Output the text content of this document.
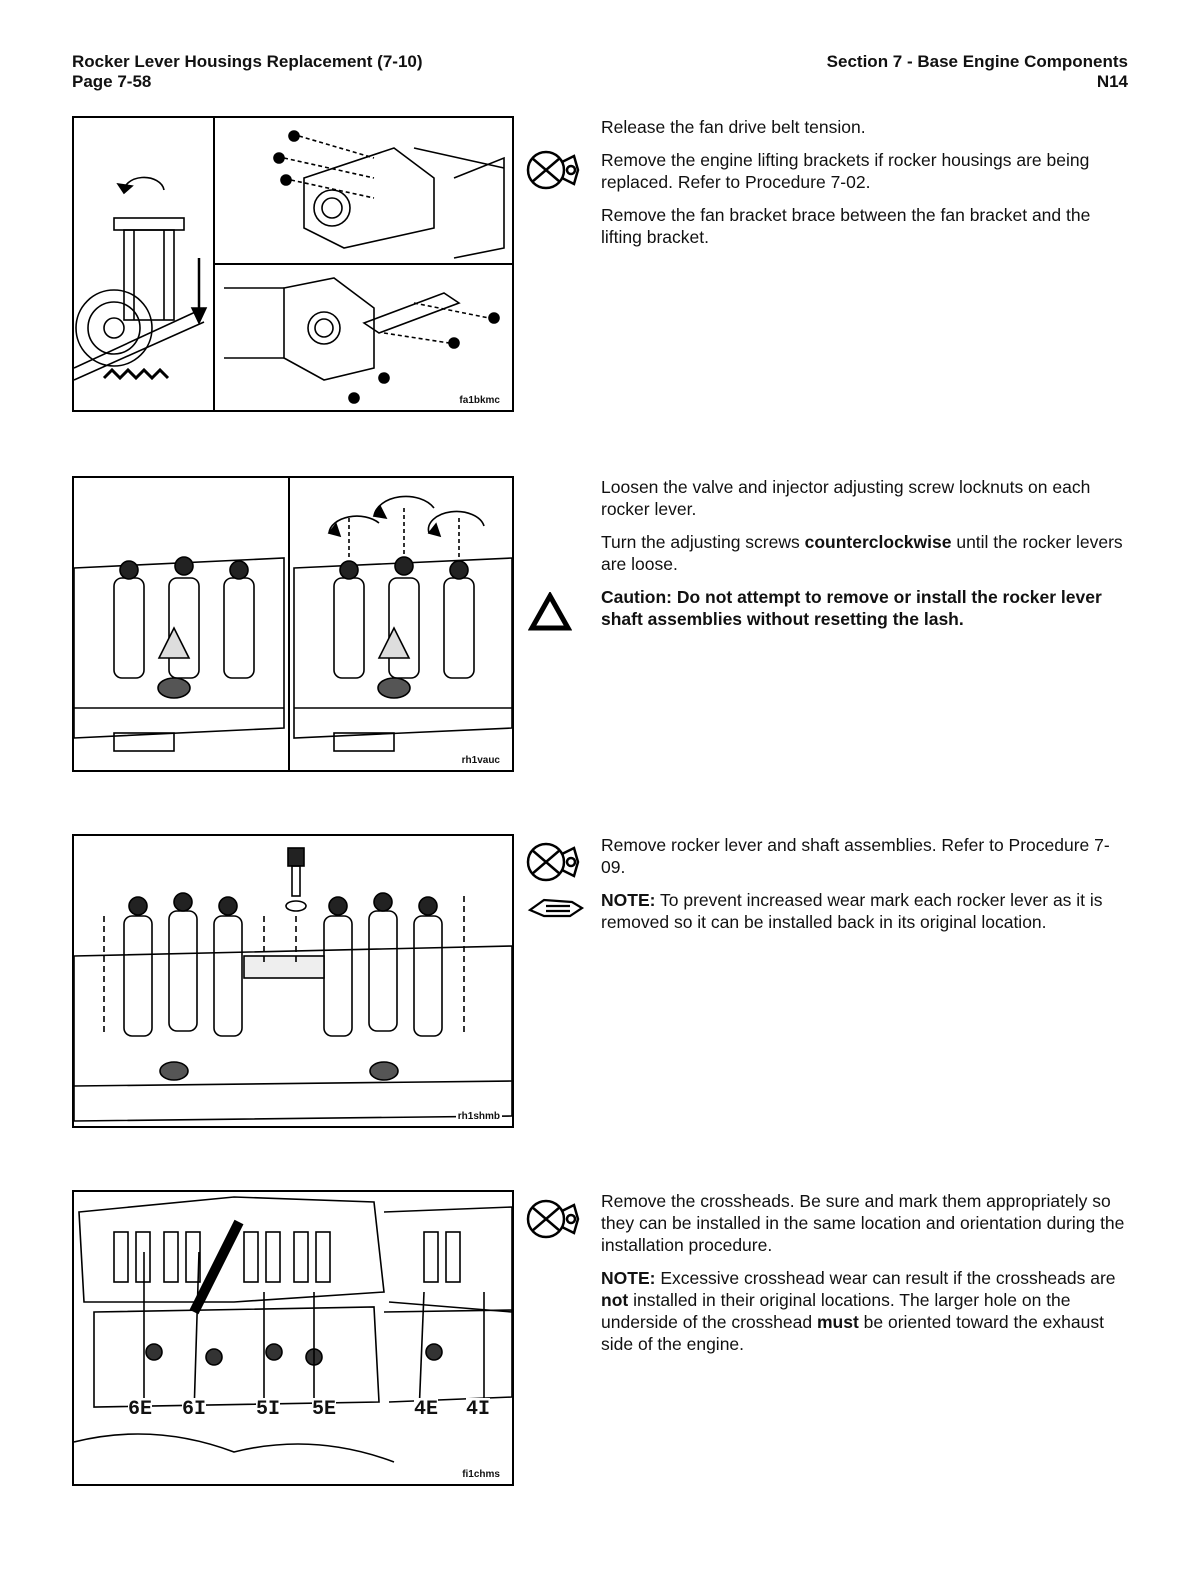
Rocker Lever Housings Replacement (7-10)
Page 7-58
Section 7 - Base Engine Components
N14
fa1bkmc

Release the fan drive belt tension.

Remove the engine lifting brackets if rocker housings are being replaced. Refer to Procedure 7-02.

Remove the fan bracket brace between the fan bracket and the lifting bracket.

rh1vauc

Loosen the valve and injector adjusting screw locknuts on each rocker lever.

Turn the adjusting screws counterclockwise until the rocker levers are loose.

Caution: Do not attempt to remove or install the rocker lever shaft assemblies without resetting the lash.

rh1shmb

Remove rocker lever and shaft assemblies. Refer to Procedure 7-09.

NOTE: To prevent increased wear mark each rocker lever as it is removed so it can be installed back in its original location.

6E 6I 5I 5E	4E 4I
fi1chms

Remove the crossheads. Be sure and mark them appropriately so they can be installed in the same location and orientation during the installation procedure.

NOTE: Excessive crosshead wear can result if the crossheads are not installed in their original locations. The larger hole on the underside of the crosshead must be oriented toward the exhaust side of the engine.
